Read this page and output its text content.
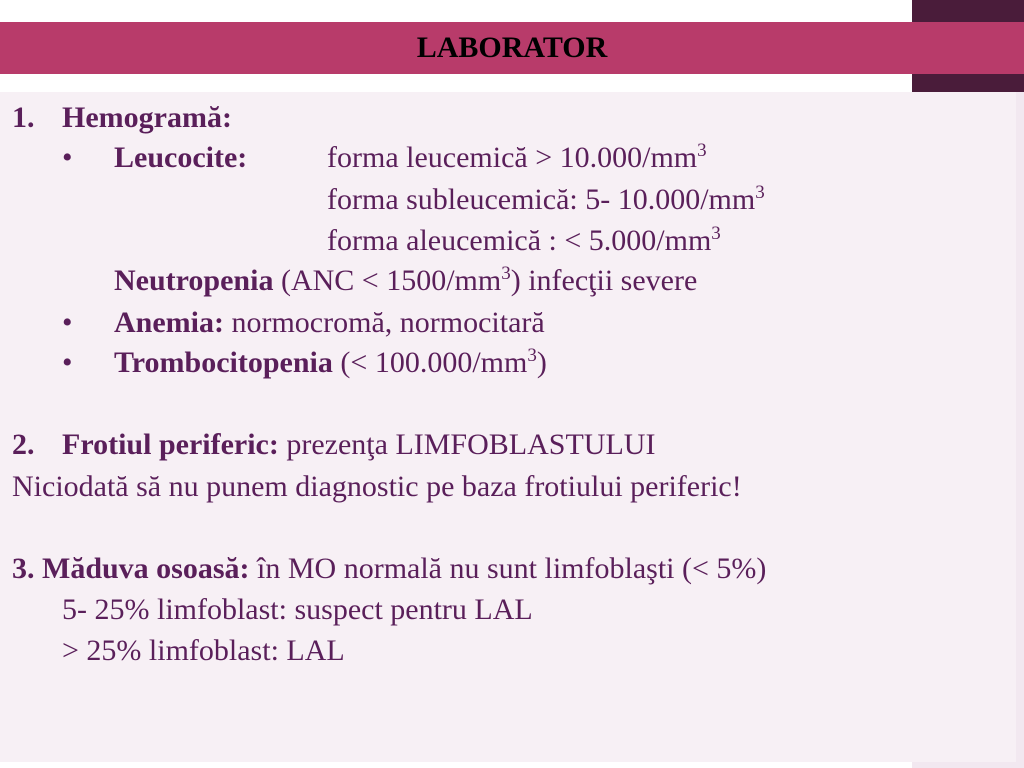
LABORATOR
1. Hemogramă:
• Leucocite:	forma leucemică > $10.000/mm^3$
forma subleucemică: 5- $10.000/mm^3$
forma aleucemică : < $5.000/mm^3$
Neutropenia $(ANC < 1500/mm^3)$ infecţii severe
• Anemia: normocromă, normocitară
• Trombocitopenia (< $100.000/mm^3$)
2. Frotiul periferic: prezenţa LIMFOBLASTULUI
Niciodată să nu punem diagnostic pe baza frotiului periferic!
3. Măduva osoasă: în MO normală nu sunt limfoblaşti (< 5%)
5- 25% limfoblast: suspect pentru LAL
> 25% limfoblast: LAL
